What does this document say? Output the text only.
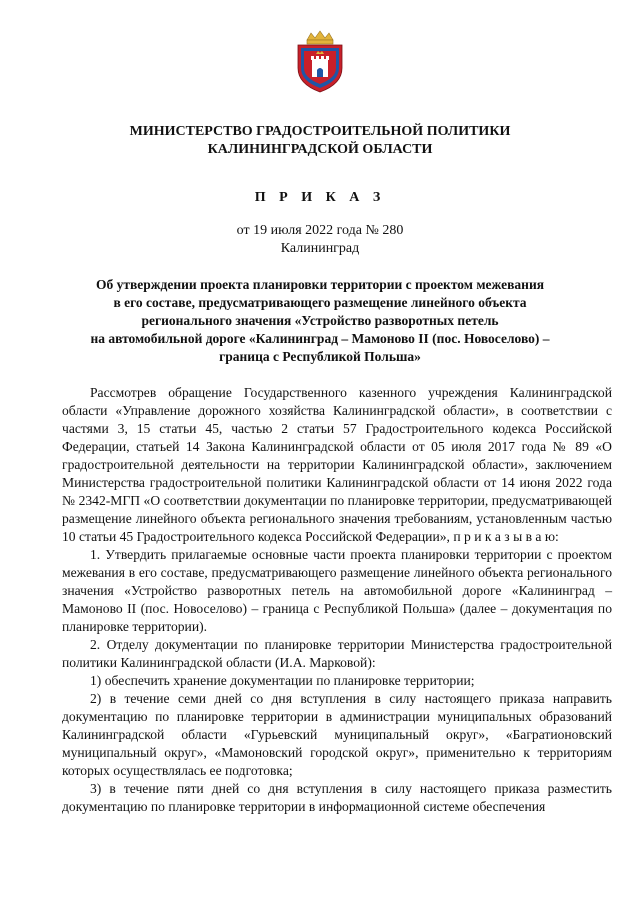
МИНИСТЕРСТВО ГРАДОСТРОИТЕЛЬНОЙ ПОЛИТИКИ
КАЛИНИНГРАДСКОЙ ОБЛАСТИ
П Р И К А З
от 19 июля 2022 года № 280
Калининград
Об утверждении проекта планировки территории с проектом межевания
в его составе, предусматривающего размещение линейного объекта
регионального значения «Устройство разворотных петель
на автомобильной дороге «Калининград – Мамоново II (пос. Новоселово) –
граница с Республикой Польша»

Рассмотрев обращение Государственного казенного учреждения Калининградской области «Управление дорожного хозяйства Калининградской области», в соответствии с частями 3, 15 статьи 45, частью 2 статьи 57 Градостроительного кодекса Российской Федерации, статьей 14 Закона Калининградской области от 05 июля 2017 года № 89 «О градостроительной деятельности на территории Калининградской области», заключением Министерства градостроительной политики Калининградской области от 14 июня 2022 года № 2342-МГП «О соответствии документации по планировке территории, предусматривающей размещение линейного объекта регионального значения требованиям, установленным частью 10 статьи 45 Градостроительного кодекса Российской Федерации», п р и к а з ы в а ю:

1. Утвердить прилагаемые основные части проекта планировки территории с проектом межевания в его составе, предусматривающего размещение линейного объекта регионального значения «Устройство разворотных петель на автомобильной дороге «Калининград – Мамоново II (пос. Новоселово) – граница с Республикой Польша» (далее – документация по планировке территории).

2. Отделу документации по планировке территории Министерства градостроительной политики Калининградской области (И.А. Марковой):

1) обеспечить хранение документации по планировке территории;

2) в течение семи дней со дня вступления в силу настоящего приказа направить документацию по планировке территории в администрации муниципальных образований Калининградской области «Гурьевский муниципальный округ», «Багратионовский муниципальный округ», «Мамоновский городской округ», применительно к территориям которых осуществлялась ее подготовка;

3) в течение пяти дней со дня вступления в силу настоящего приказа разместить документацию по планировке территории в информационной системе обеспечения
